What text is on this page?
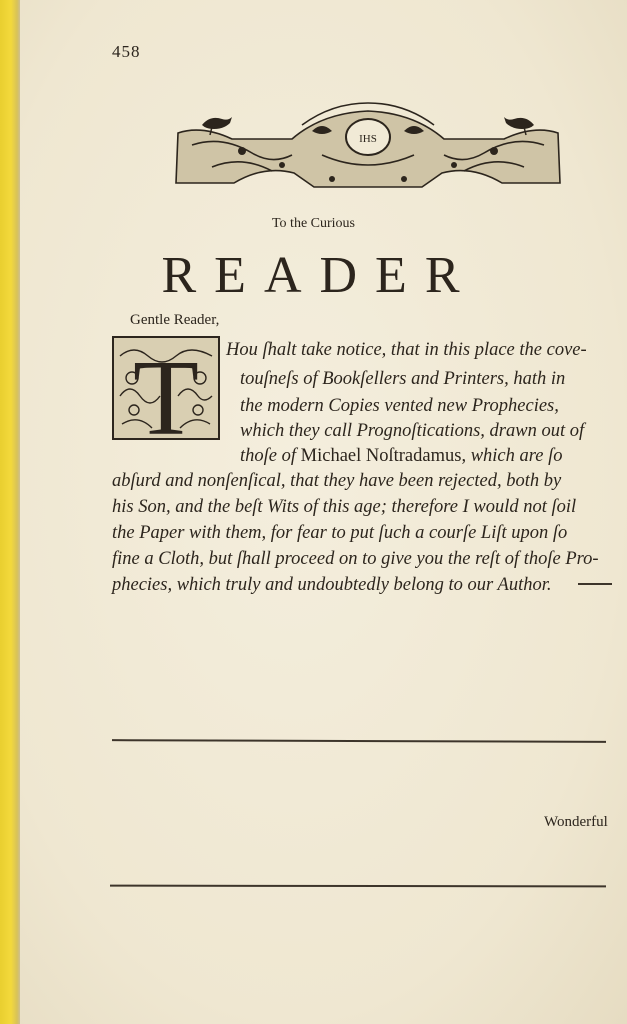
458
IHS
To the Curious
READER
Gentle Reader,
T Hou ſhalt take notice, that in this place the cove-
touſneſs of Bookſellers and Printers, hath in
the modern Copies vented new Prophecies,
which they call Prognoſtications, drawn out of
thoſe of Michael Noſtradamus, which are ſo
abſurd and nonſenſical, that they have been rejected, both by
his Son, and the beſt Wits of this age; therefore I would not ſoil
the Paper with them, for fear to put ſuch a courſe Liſt upon ſo
fine a Cloth, but ſhall proceed on to give you the reſt of thoſe Pro-
phecies, which truly and undoubtedly belong to our Author.
Wonderful
